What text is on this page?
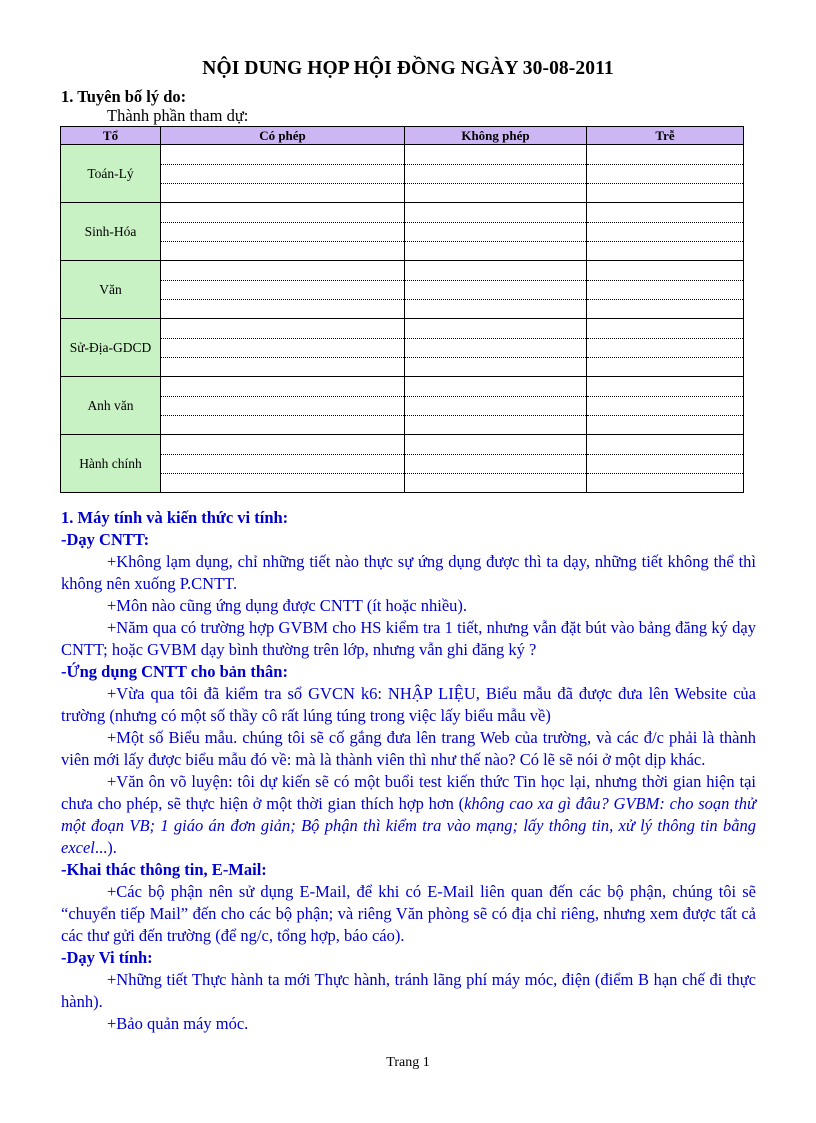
NỘI DUNG HỌP HỘI ĐỒNG NGÀY 30-08-2011
1. Tuyên bố lý do:
Thành phần tham dự:
Tổ	Có phép	Không phép	Trễ
Toán-Lý			

Sinh-Hóa			

Văn			

Sử-Địa-GDCD			

Anh văn			

Hành chính			

1. Máy tính và kiến thức vi tính:

-Dạy CNTT:

+Không lạm dụng, chỉ những tiết nào thực sự ứng dụng được thì ta dạy, những tiết không thể thì không nên xuống P.CNTT.

+Môn nào cũng ứng dụng được CNTT (ít hoặc nhiều).

+Năm qua có trường hợp GVBM cho HS kiểm tra 1 tiết, nhưng vẫn đặt bút vào bảng đăng ký dạy CNTT; hoặc GVBM dạy bình thường trên lớp, nhưng vẫn ghi đăng ký ?

-Ứng dụng CNTT cho bản thân:

+Vừa qua tôi đã kiểm tra sổ GVCN k6: NHẬP LIỆU, Biểu mẫu đã được đưa lên Website của trường (nhưng có một số thầy cô rất lúng túng trong việc lấy biểu mẫu về)

+Một số Biểu mẫu. chúng tôi sẽ cố gắng đưa lên trang Web của trường, và các đ/c phải là thành viên mới lấy được biểu mẫu đó về: mà là thành viên thì như thế nào? Có lẽ sẽ nói ở một dịp khác.

+Văn ôn võ luyện: tôi dự kiến sẽ có một buổi test kiến thức Tin học lại, nhưng thời gian hiện tại chưa cho phép, sẽ thực hiện ở một thời gian thích hợp hơn (không cao xa gì đâu? GVBM: cho soạn thử một đoạn VB; 1 giáo án đơn giản; Bộ phận thì kiểm tra vào mạng; lấy thông tin, xử lý thông tin bằng excel...).

-Khai thác thông tin, E-Mail:

+Các bộ phận nên sử dụng E-Mail, để khi có E-Mail liên quan đến các bộ phận, chúng tôi sẽ “chuyển tiếp Mail” đến cho các bộ phận; và riêng Văn phòng sẽ có địa chỉ riêng, nhưng xem được tất cả các thư gửi đến trường (để ng/c, tổng hợp, báo cáo).

-Dạy Vi tính:

+Những tiết Thực hành ta mới Thực hành, tránh lãng phí máy móc, điện (điểm B hạn chế đi thực hành).

+Bảo quản máy móc.

Trang 1
